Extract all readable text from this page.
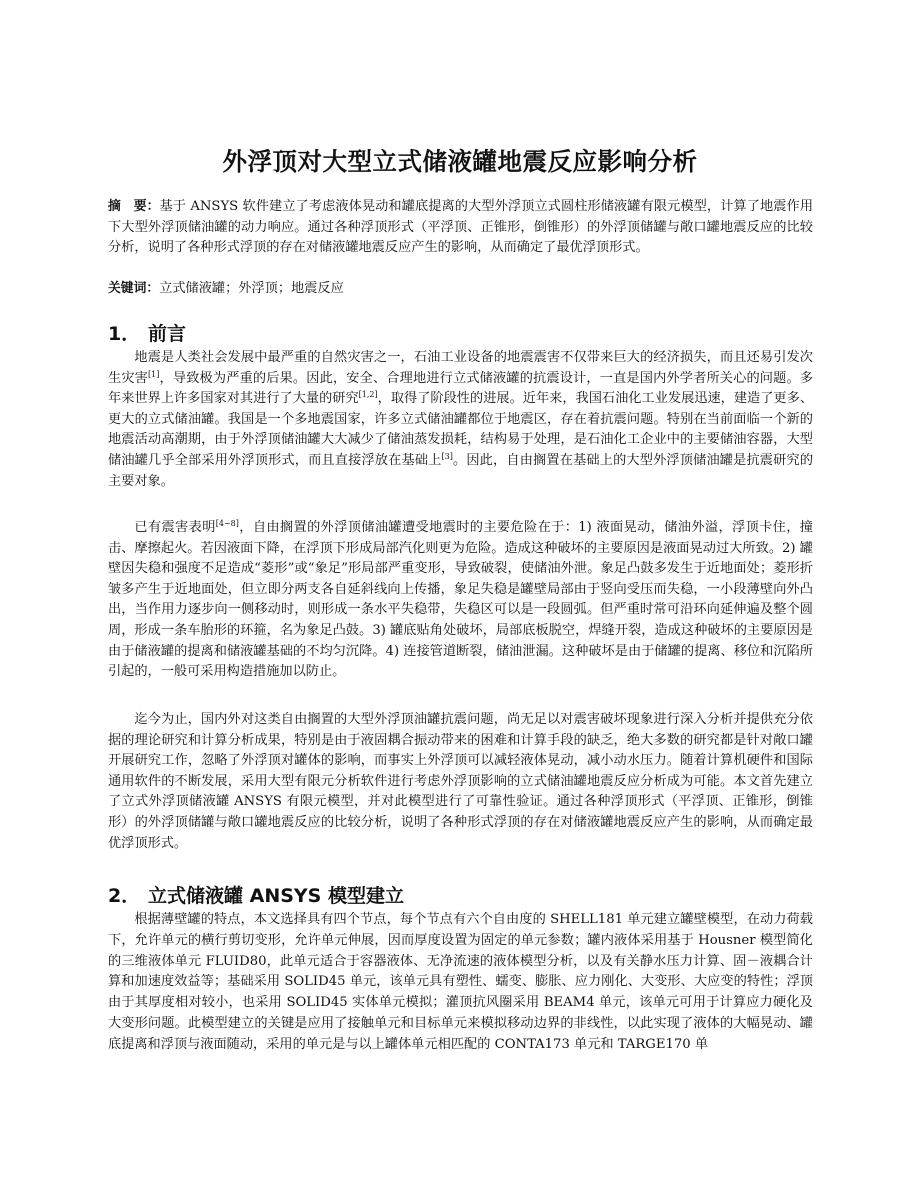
外浮顶对大型立式储液罐地震反应影响分析

摘　要：基于 ANSYS 软件建立了考虑液体晃动和罐底提离的大型外浮顶立式圆柱形储液罐有限元模型，计算了地震作用下大型外浮顶储油罐的动力响应。通过各种浮顶形式（平浮顶、正锥形，倒锥形）的外浮顶储罐与敞口罐地震反应的比较分析，说明了各种形式浮顶的存在对储液罐地震反应产生的影响，从而确定了最优浮顶形式。

关键词：立式储液罐；外浮顶；地震反应

1． 前言

地震是人类社会发展中最严重的自然灾害之一，石油工业设备的地震震害不仅带来巨大的经济损失，而且还易引发次生灾害[1]，导致极为严重的后果。因此，安全、合理地进行立式储液罐的抗震设计，一直是国内外学者所关心的问题。多年来世界上许多国家对其进行了大量的研究[1,2]，取得了阶段性的进展。近年来，我国石油化工业发展迅速，建造了更多、更大的立式储油罐。我国是一个多地震国家，许多立式储油罐都位于地震区，存在着抗震问题。特别在当前面临一个新的地震活动高潮期，由于外浮顶储油罐大大减少了储油蒸发损耗，结构易于处理，是石油化工企业中的主要储油容器，大型储油罐几乎全部采用外浮顶形式，而且直接浮放在基础上[3]。因此，自由搁置在基础上的大型外浮顶储油罐是抗震研究的主要对象。

已有震害表明[4~8]，自由搁置的外浮顶储油罐遭受地震时的主要危险在于：1) 液面晃动，储油外溢，浮顶卡住，撞击、摩擦起火。若因液面下降，在浮顶下形成局部汽化则更为危险。造成这种破坏的主要原因是液面晃动过大所致。2) 罐壁因失稳和强度不足造成“菱形”或“象足”形局部严重变形，导致破裂，使储油外泄。象足凸鼓多发生于近地面处；菱形折皱多产生于近地面处，但立即分两支各自延斜线向上传播，象足失稳是罐壁局部由于竖向受压而失稳，一小段薄壁向外凸出，当作用力逐步向一侧移动时，则形成一条水平失稳带，失稳区可以是一段圆弧。但严重时常可沿环向延伸遍及整个圆周，形成一条车胎形的环箍，名为象足凸鼓。3) 罐底贴角处破坏，局部底板脱空，焊缝开裂，造成这种破坏的主要原因是由于储液罐的提离和储液罐基础的不均匀沉降。4) 连接管道断裂，储油泄漏。这种破坏是由于储罐的提离、移位和沉陷所引起的，一般可采用构造措施加以防止。

迄今为止，国内外对这类自由搁置的大型外浮顶油罐抗震问题，尚无足以对震害破坏现象进行深入分析并提供充分依据的理论研究和计算分析成果，特别是由于液固耦合振动带来的困难和计算手段的缺乏，绝大多数的研究都是针对敞口罐开展研究工作，忽略了外浮顶对罐体的影响，而事实上外浮顶可以减轻液体晃动，减小动水压力。随着计算机硬件和国际通用软件的不断发展，采用大型有限元分析软件进行考虑外浮顶影响的立式储油罐地震反应分析成为可能。本文首先建立了立式外浮顶储液罐 ANSYS 有限元模型，并对此模型进行了可靠性验证。通过各种浮顶形式（平浮顶、正锥形，倒锥形）的外浮顶储罐与敞口罐地震反应的比较分析，说明了各种形式浮顶的存在对储液罐地震反应产生的影响，从而确定最优浮顶形式。

2． 立式储液罐 ANSYS 模型建立

根据薄壁罐的特点，本文选择具有四个节点，每个节点有六个自由度的 SHELL181 单元建立罐壁模型，在动力荷载下，允许单元的横行剪切变形，允许单元伸展，因而厚度设置为固定的单元参数；罐内液体采用基于 Housner 模型简化的三维液体单元 FLUID80，此单元适合于容器液体、无净流速的液体模型分析，以及有关静水压力计算、固－液耦合计算和加速度效益等；基础采用 SOLID45 单元，该单元具有塑性、蠕变、膨胀、应力刚化、大变形、大应变的特性；浮顶由于其厚度相对较小，也采用 SOLID45 实体单元模拟；灌顶抗风圈采用 BEAM4 单元，该单元可用于计算应力硬化及大变形问题。此模型建立的关键是应用了接触单元和目标单元来模拟移动边界的非线性，以此实现了液体的大幅晃动、罐底提离和浮顶与液面随动，采用的单元是与以上罐体单元相匹配的 CONTA173 单元和 TARGE170 单
